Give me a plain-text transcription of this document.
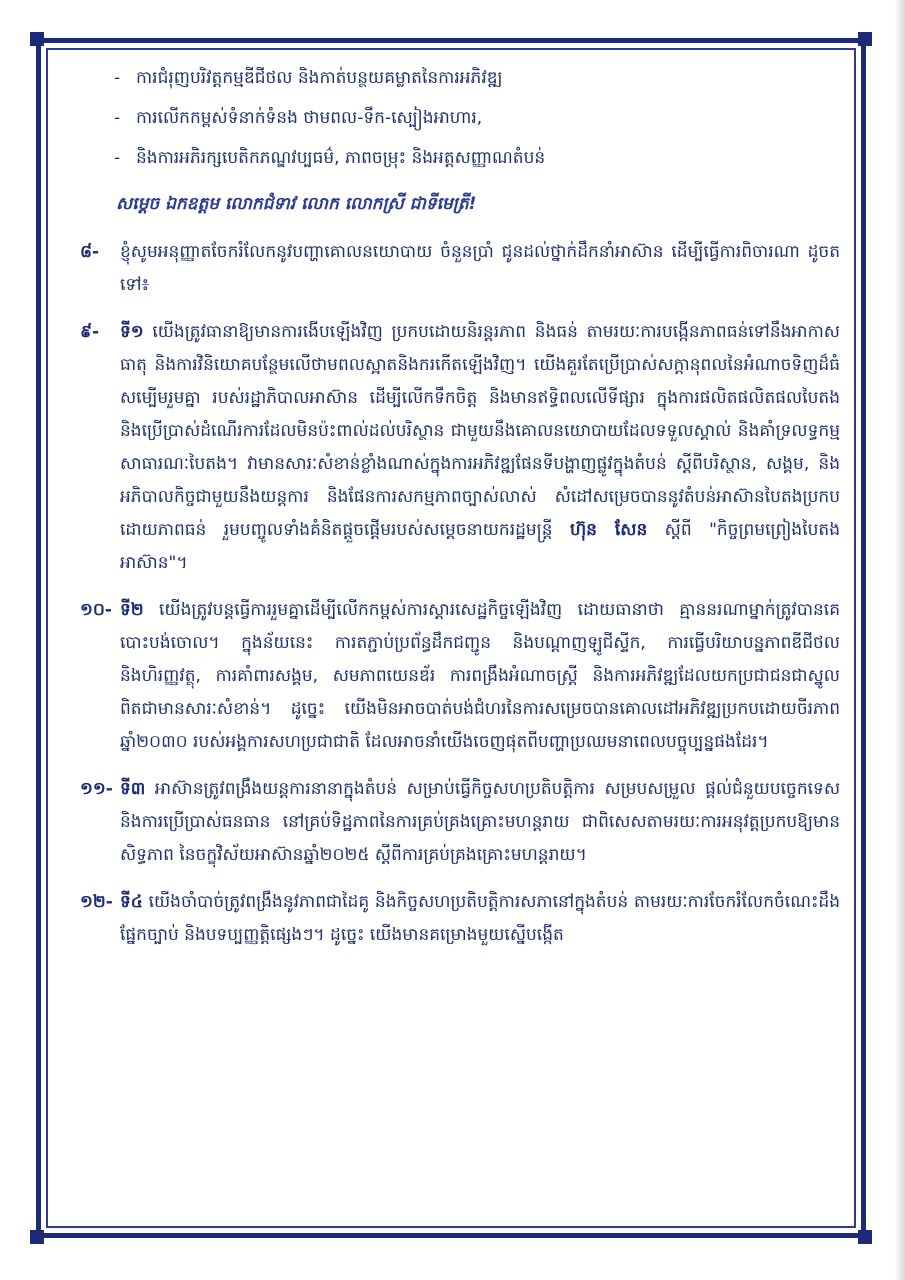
- ការជំរុញបរិវត្តកម្មឌីជីថល និងកាត់បន្ថយគម្លាតនៃការអភិវឌ្ឍ
- ការលើកកម្ពស់ទំនាក់ទំនង ថាមពល-ទឹក-ស្បៀងអាហារ,
- និងការអភិរក្សបេតិកភណ្ឌវប្បធម៌, ភាពចម្រុះ និងអត្តសញ្ញាណតំបន់
សម្តេច ឯកឧត្តម លោកជំទាវ លោក លោកស្រី ជាទីមេត្រី!
៨- ខ្ញុំសូមអនុញ្ញាតចែករំលែកនូវបញ្ហាគោលនយោបាយ ចំនួនប្រាំ ជូនដល់ថ្នាក់ដឹកនាំអាស៊ាន ដើម្បីធ្វើការពិចារណា ដូចតទៅ៖
៩- ទី១ យើងត្រូវធានាឱ្យមានការងើបឡើងវិញ ប្រកបដោយនិរន្តរភាព និងធន់ តាមរយៈការបង្កើនភាពធន់ទៅនឹងអាកាសធាតុ និងការវិនិយោគបន្ថែមលើថាមពលស្អាតនិងករកើតឡើងវិញ។ យើងគួរតែប្រើប្រាស់សក្តានុពលនៃអំណាចទិញដ៏ធំសម្បើមរួមគ្នា របស់រដ្ឋាភិបាលអាស៊ាន ដើម្បីលើកទឹកចិត្ត និងមានឥទ្ធិពលលើទីផ្សារ ក្នុងការផលិតផលិតផលបៃតង និងប្រើប្រាស់ដំណើរការដែលមិនប៉ះពាល់ដល់បរិស្ថាន ជាមួយនឹងគោលនយោបាយដែលទទួលស្គាល់ និងគាំទ្រលទ្ធកម្មសាធារណៈបៃតង។ វាមានសារៈសំខាន់ខ្លាំងណាស់ក្នុងការអភិវឌ្ឍផែនទីបង្ហាញផ្លូវក្នុងតំបន់ ស្តីពីបរិស្ថាន, សង្គម, និងអភិបាលកិច្ចជាមួយនឹងយន្តការ និងផែនការសកម្មភាពច្បាស់លាស់ សំដៅសម្រេចបាននូវតំបន់អាស៊ានបៃតងប្រកបដោយភាពធន់ រួមបញ្ចូលទាំងគំនិតផ្តួចផ្តើមរបស់សម្តេចនាយករដ្ឋមន្ត្រី ហ៊ុន សែន ស្តីពី "កិច្ចព្រមព្រៀងបៃតងអាស៊ាន"។
១០- ទី២ យើងត្រូវបន្តធ្វើការរួមគ្នាដើម្បីលើកកម្ពស់ការស្តារសេដ្ឋកិច្ចឡើងវិញ ដោយធានាថា គ្មាននរណាម្នាក់ត្រូវបានគេបោះបង់ចោល។ ក្នុងន័យនេះ ការតភ្ជាប់ប្រព័ន្ធដឹកជញ្ជូន និងបណ្តាញឡូជីស្ទីក, ការធ្វើបរិយាបន្នភាពឌីជីថល និងហិរញ្ញវត្ថុ, ការគាំពារសង្គម, សមភាពយេនឌ័រ ការពង្រឹងអំណាចស្ត្រី និងការអភិវឌ្ឍដែលយកប្រជាជនជាស្នូល ពិតជាមានសារៈសំខាន់។ ដូច្នេះ យើងមិនអាចបាត់បង់ជំហរនៃការសម្រេចបានគោលដៅអភិវឌ្ឍប្រកបដោយចីរភាពឆ្នាំ២០៣០ របស់អង្គការសហប្រជាជាតិ ដែលអាចនាំយើងចេញផុតពីបញ្ហាប្រឈមនាពេលបច្ចុប្បន្នផងដែរ។
១១- ទី៣ អាស៊ានត្រូវពង្រឹងយន្តការនានាក្នុងតំបន់ សម្រាប់ធ្វើកិច្ចសហប្រតិបត្តិការ សម្របសម្រួល ផ្តល់ជំនួយបច្ចេកទេស និងការប្រើប្រាស់ធនធាន នៅគ្រប់ទិដ្ឋភាពនៃការគ្រប់គ្រងគ្រោះមហន្តរាយ ជាពិសេសតាមរយៈការអនុវត្តប្រកបឱ្យមានសិទ្ធភាព នៃចក្ខុវិស័យអាស៊ានឆ្នាំ២០២៥ ស្តីពីការគ្រប់គ្រងគ្រោះមហន្តរាយ។
១២- ទី៤ យើងចាំបាច់ត្រូវពង្រឹងនូវភាពជាដៃគូ និងកិច្ចសហប្រតិបត្តិការសភានៅក្នុងតំបន់ តាមរយៈការចែករំលែកចំណេះដឹងផ្នែកច្បាប់ និងបទប្បញ្ញត្តិផ្សេងៗ។ ដូច្នេះ យើងមានគម្រោងមួយស្នើបង្កើត
